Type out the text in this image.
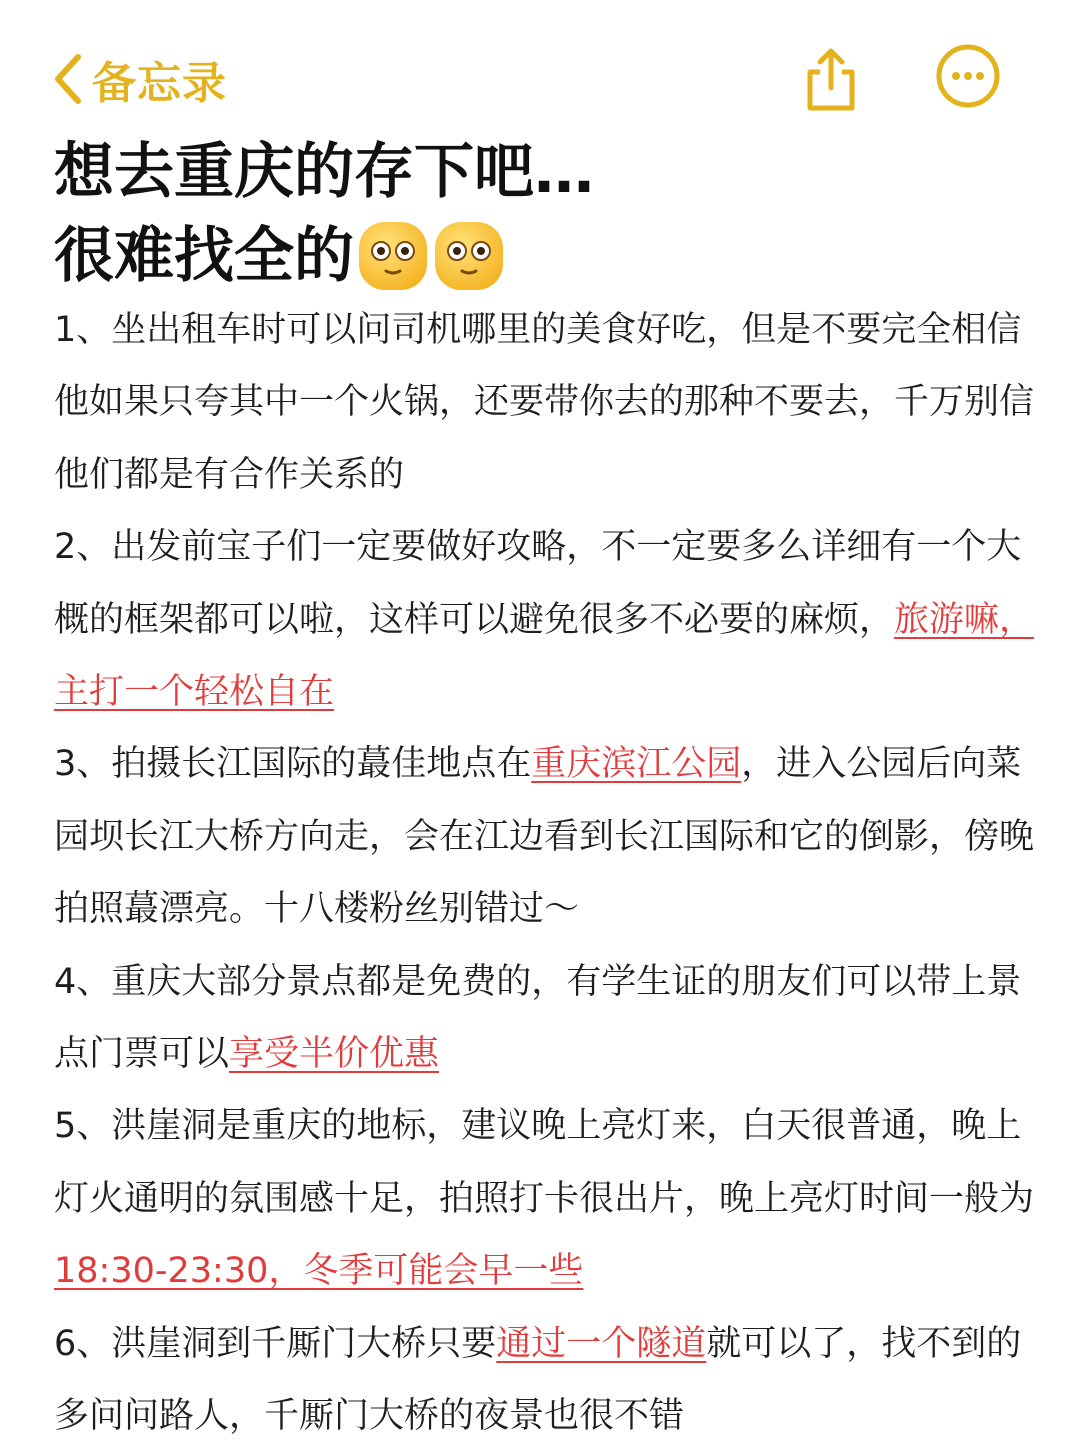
备忘录
想去重庆的存下吧…
很难找全的

1、坐出租车时可以问司机哪里的美食好吃，但是不要完全相信他如果只夸其中一个火锅，还要带你去的那种不要去，千万别信他们都是有合作关系的

2、出发前宝子们一定要做好攻略，不一定要多么详细有一个大概的框架都可以啦，这样可以避免很多不必要的麻烦，旅游嘛，主打一个轻松自在

3、拍摄长江国际的蕞佳地点在重庆滨江公园，进入公园后向菜园坝长江大桥方向走，会在江边看到长江国际和它的倒影，傍晚拍照蕞漂亮。十八楼粉丝别错过～

4、重庆大部分景点都是免费的，有学生证的朋友们可以带上景点门票可以享受半价优惠

5、洪崖洞是重庆的地标，建议晚上亮灯来，白天很普通，晚上灯火通明的氛围感十足，拍照打卡很出片，晚上亮灯时间一般为18:30-23:30，冬季可能会早一些

6、洪崖洞到千厮门大桥只要通过一个隧道就可以了，找不到的多问问路人，千厮门大桥的夜景也很不错
